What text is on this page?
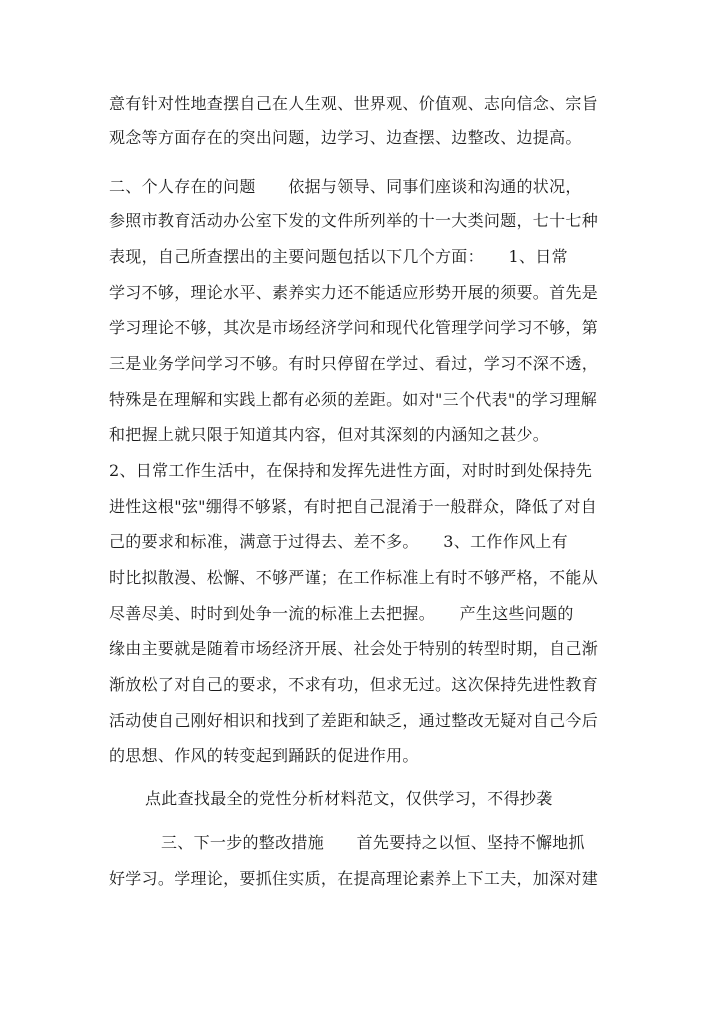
意有针对性地查摆自己在人生观、世界观、价值观、志向信念、宗旨
观念等方面存在的突出问题，边学习、边查摆、边整改、边提高。
二、个人存在的问题　　依据与领导、同事们座谈和沟通的状况，
参照市教育活动办公室下发的文件所列举的十一大类问题，七十七种
表现，自己所查摆出的主要问题包括以下几个方面：　　1、日常
学习不够，理论水平、素养实力还不能适应形势开展的须要。首先是
学习理论不够，其次是市场经济学问和现代化管理学问学习不够，第
三是业务学问学习不够。有时只停留在学过、看过，学习不深不透，
特殊是在理解和实践上都有必须的差距。如对"三个代表"的学习理解
和把握上就只限于知道其内容，但对其深刻的内涵知之甚少。
2、日常工作生活中，在保持和发挥先进性方面，对时时到处保持先
进性这根"弦"绷得不够紧，有时把自己混淆于一般群众，降低了对自
己的要求和标准，满意于过得去、差不多。　　3、工作作风上有
时比拟散漫、松懈、不够严谨；在工作标准上有时不够严格，不能从
尽善尽美、时时到处争一流的标准上去把握。　　产生这些问题的
缘由主要就是随着市场经济开展、社会处于特别的转型时期，自己渐
渐放松了对自己的要求，不求有功，但求无过。这次保持先进性教育
活动使自己刚好相识和找到了差距和缺乏，通过整改无疑对自己今后
的思想、作风的转变起到踊跃的促进作用。
点此查找最全的党性分析材料范文，仅供学习，不得抄袭
三、下一步的整改措施　　首先要持之以恒、坚持不懈地抓
好学习。学理论，要抓住实质，在提高理论素养上下工夫，加深对建
